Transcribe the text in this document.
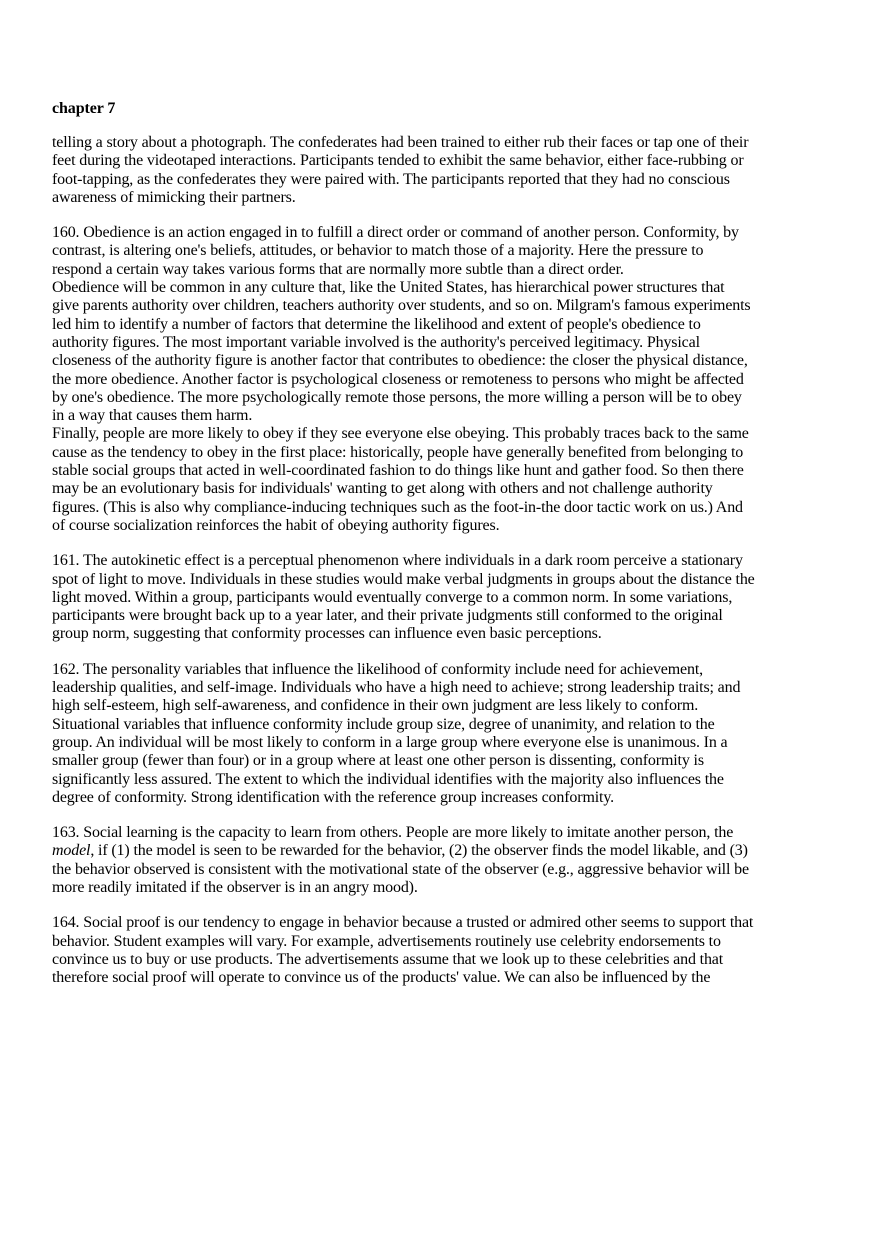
chapter 7

telling a story about a photograph. The confederates had been trained to either rub their faces or tap one of their
feet during the videotaped interactions. Participants tended to exhibit the same behavior, either face-rubbing or
foot-tapping, as the confederates they were paired with. The participants reported that they had no conscious
awareness of mimicking their partners.

160. Obedience is an action engaged in to fulfill a direct order or command of another person. Conformity, by
contrast, is altering one's beliefs, attitudes, or behavior to match those of a majority. Here the pressure to
respond a certain way takes various forms that are normally more subtle than a direct order.

Obedience will be common in any culture that, like the United States, has hierarchical power structures that
give parents authority over children, teachers authority over students, and so on. Milgram's famous experiments
led him to identify a number of factors that determine the likelihood and extent of people's obedience to
authority figures. The most important variable involved is the authority's perceived legitimacy. Physical
closeness of the authority figure is another factor that contributes to obedience: the closer the physical distance,
the more obedience. Another factor is psychological closeness or remoteness to persons who might be affected
by one's obedience. The more psychologically remote those persons, the more willing a person will be to obey
in a way that causes them harm.

Finally, people are more likely to obey if they see everyone else obeying. This probably traces back to the same
cause as the tendency to obey in the first place: historically, people have generally benefited from belonging to
stable social groups that acted in well-coordinated fashion to do things like hunt and gather food. So then there
may be an evolutionary basis for individuals' wanting to get along with others and not challenge authority
figures. (This is also why compliance-inducing techniques such as the foot-in-the door tactic work on us.) And
of course socialization reinforces the habit of obeying authority figures.

161. The autokinetic effect is a perceptual phenomenon where individuals in a dark room perceive a stationary
spot of light to move. Individuals in these studies would make verbal judgments in groups about the distance the
light moved. Within a group, participants would eventually converge to a common norm. In some variations,
participants were brought back up to a year later, and their private judgments still conformed to the original
group norm, suggesting that conformity processes can influence even basic perceptions.

162. The personality variables that influence the likelihood of conformity include need for achievement,
leadership qualities, and self-image. Individuals who have a high need to achieve; strong leadership traits; and
high self-esteem, high self-awareness, and confidence in their own judgment are less likely to conform.
Situational variables that influence conformity include group size, degree of unanimity, and relation to the
group. An individual will be most likely to conform in a large group where everyone else is unanimous. In a
smaller group (fewer than four) or in a group where at least one other person is dissenting, conformity is
significantly less assured. The extent to which the individual identifies with the majority also influences the
degree of conformity. Strong identification with the reference group increases conformity.

163. Social learning is the capacity to learn from others. People are more likely to imitate another person, the
model, if (1) the model is seen to be rewarded for the behavior, (2) the observer finds the model likable, and (3)
the behavior observed is consistent with the motivational state of the observer (e.g., aggressive behavior will be
more readily imitated if the observer is in an angry mood).

164. Social proof is our tendency to engage in behavior because a trusted or admired other seems to support that
behavior. Student examples will vary. For example, advertisements routinely use celebrity endorsements to
convince us to buy or use products. The advertisements assume that we look up to these celebrities and that
therefore social proof will operate to convince us of the products' value. We can also be influenced by the
